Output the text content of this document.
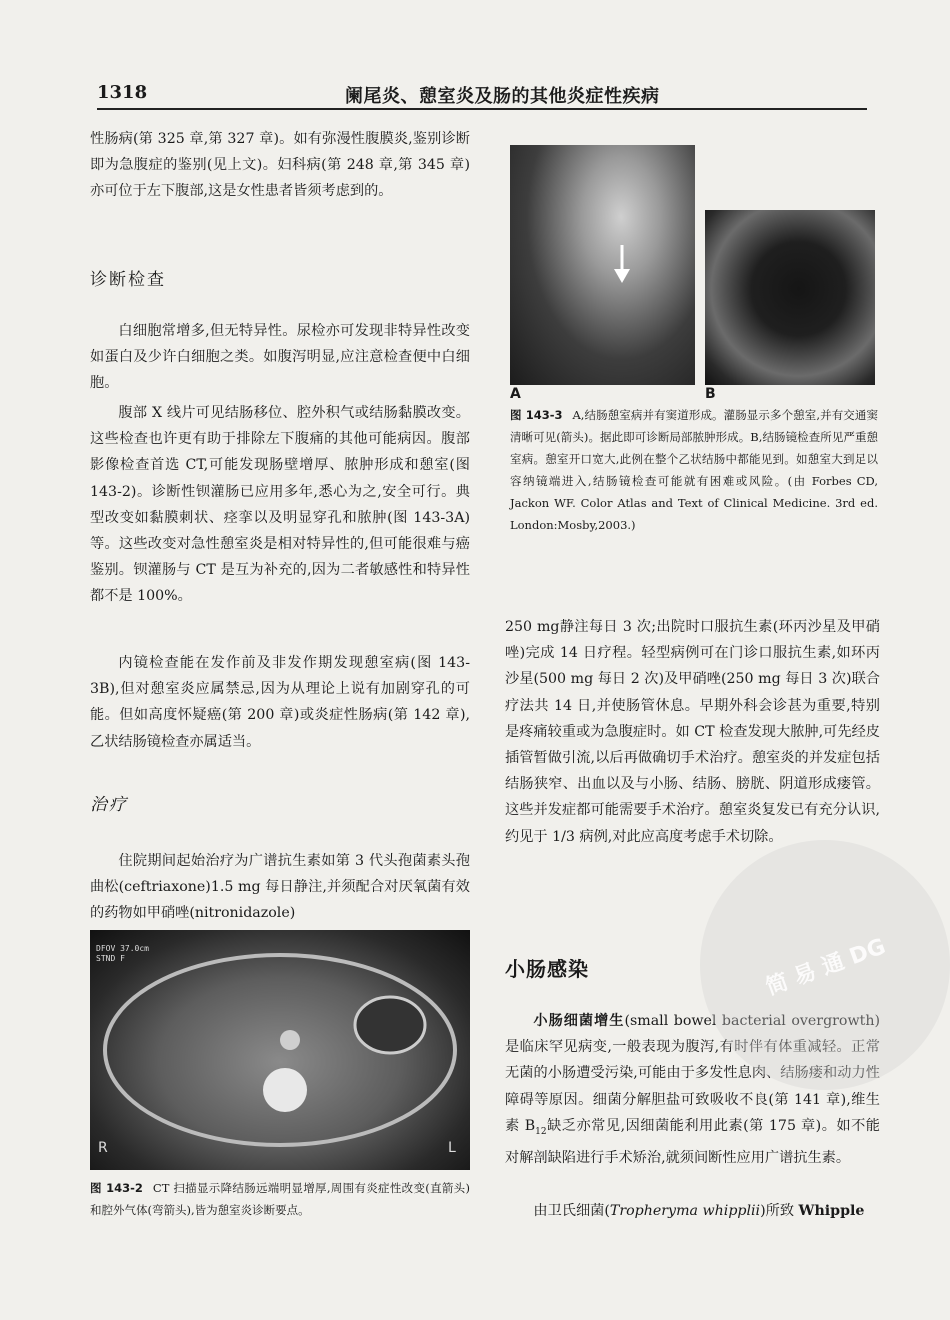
1318	阑尾炎、憩室炎及肠的其他炎症性疾病

性肠病(第 325 章,第 327 章)。如有弥漫性腹膜炎,鉴别诊断即为急腹症的鉴别(见上文)。妇科病(第 248 章,第 345 章)亦可位于左下腹部,这是女性患者皆须考虑到的。

诊断检查

白细胞常增多,但无特异性。尿检亦可发现非特异性改变如蛋白及少许白细胞之类。如腹泻明显,应注意检查便中白细胞。

腹部 X 线片可见结肠移位、腔外积气或结肠黏膜改变。这些检查也许更有助于排除左下腹痛的其他可能病因。腹部影像检查首选 CT,可能发现肠壁增厚、脓肿形成和憩室(图 143-2)。诊断性钡灌肠已应用多年,悉心为之,安全可行。典型改变如黏膜刺状、痉挛以及明显穿孔和脓肿(图 143-3A)等。这些改变对急性憩室炎是相对特异性的,但可能很难与癌鉴别。钡灌肠与 CT 是互为补充的,因为二者敏感性和特异性都不是 100%。

内镜检查能在发作前及非发作期发现憩室病(图 143-3B),但对憩室炎应属禁忌,因为从理论上说有加剧穿孔的可能。但如高度怀疑癌(第 200 章)或炎症性肠病(第 142 章),乙状结肠镜检查亦属适当。

治疗

住院期间起始治疗为广谱抗生素如第 3 代头孢菌素头孢曲松(ceftriaxone)1.5 mg 每日静注,并须配合对厌氧菌有效的药物如甲硝唑(nitronidazole)

A	B
图 143-3 A,结肠憩室病并有窦道形成。灌肠显示多个憩室,并有交通窦清晰可见(箭头)。据此即可诊断局部脓肿形成。B,结肠镜检查所见严重憩室病。憩室开口宽大,此例在整个乙状结肠中都能见到。如憩室大到足以容纳镜端进入,结肠镜检查可能就有困难或风险。(由 Forbes CD, Jackon WF. Color Atlas and Text of Clinical Medicine. 3rd ed. London:Mosby,2003.)
DFOV 37.0cm
STND F
R	L
图 143-2 CT 扫描显示降结肠远端明显增厚,周围有炎症性改变(直箭头)和腔外气体(弯箭头),皆为憩室炎诊断要点。

250 mg静注每日 3 次;出院时口服抗生素(环丙沙星及甲硝唑)完成 14 日疗程。轻型病例可在门诊口服抗生素,如环丙沙星(500 mg 每日 2 次)及甲硝唑(250 mg 每日 3 次)联合疗法共 14 日,并使肠管休息。早期外科会诊甚为重要,特别是疼痛较重或为急腹症时。如 CT 检查发现大脓肿,可先经皮插管暂做引流,以后再做确切手术治疗。憩室炎的并发症包括结肠狭窄、出血以及与小肠、结肠、膀胱、阴道形成瘘管。这些并发症都可能需要手术治疗。憩室炎复发已有充分认识,约见于 1/3 病例,对此应高度考虑手术切除。

小肠感染

小肠细菌增生(small bowel bacterial overgrowth)是临床罕见病变,一般表现为腹泻,有时伴有体重减轻。正常无菌的小肠遭受污染,可能由于多发性息肉、结肠瘘和动力性障碍等原因。细菌分解胆盐可致吸收不良(第 141 章),维生素 $B_{12}$缺乏亦常见,因细菌能利用此素(第 175 章)。如不能对解剖缺陷进行手术矫治,就须间断性应用广谱抗生素。

由卫氏细菌(Tropheryma whipplii)所致 Whipple

简 易 通 DG
